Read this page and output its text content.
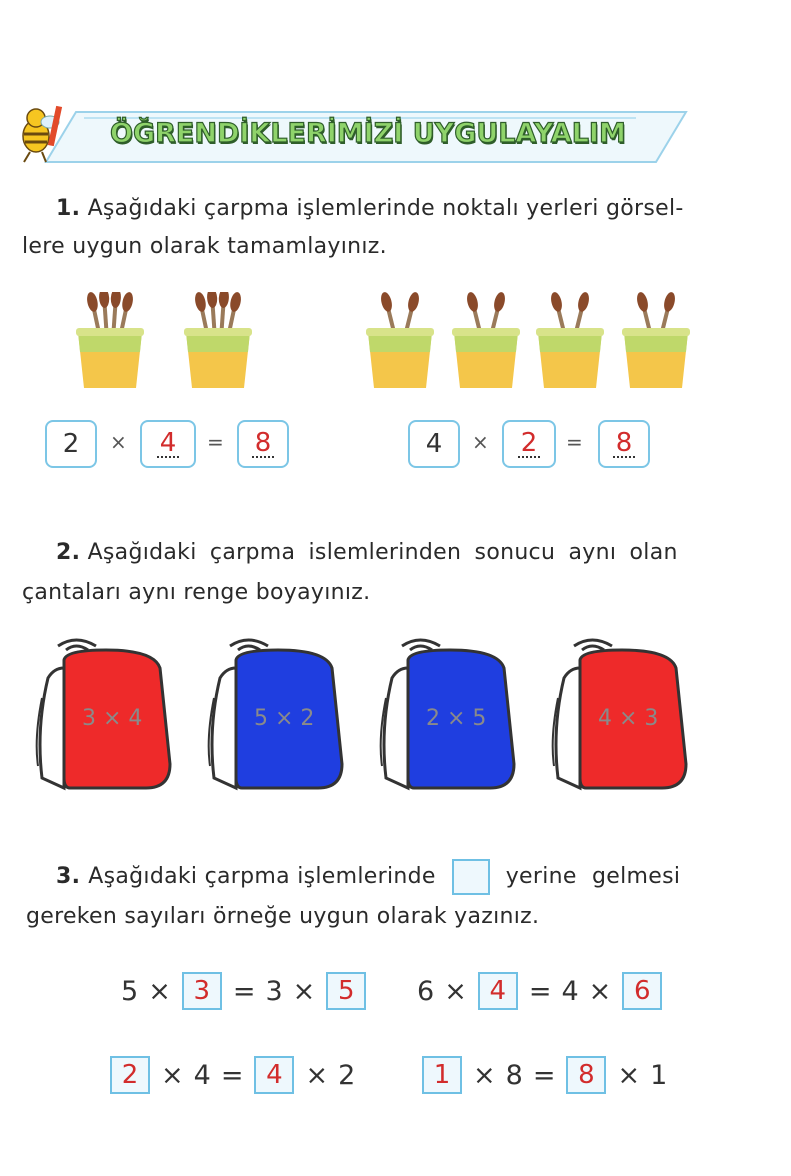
ÖĞRENDİKLERİMİZİ UYGULAYALIM
1. Aşağıdaki çarpma işlemlerinde noktalı yerleri görsel-
lere uygun olarak tamamlayınız.
2	× 4 = 8	4	× 2 = 8
2. Aşağıdaki çarpma islemlerinden sonucu aynı olan
çantaları aynı renge boyayınız.
3 × 4	5 × 2	2 × 5	4 × 3
3. Aşağıdaki çarpma işlemlerinde	yerine gelmesi
gereken sayıları örneğe uygun olarak yazınız.
5 × 3 = 3 × 5	6 × 4 = 4 × 6
2 × 4 = 4 × 2	1 × 8 = 8 × 1
